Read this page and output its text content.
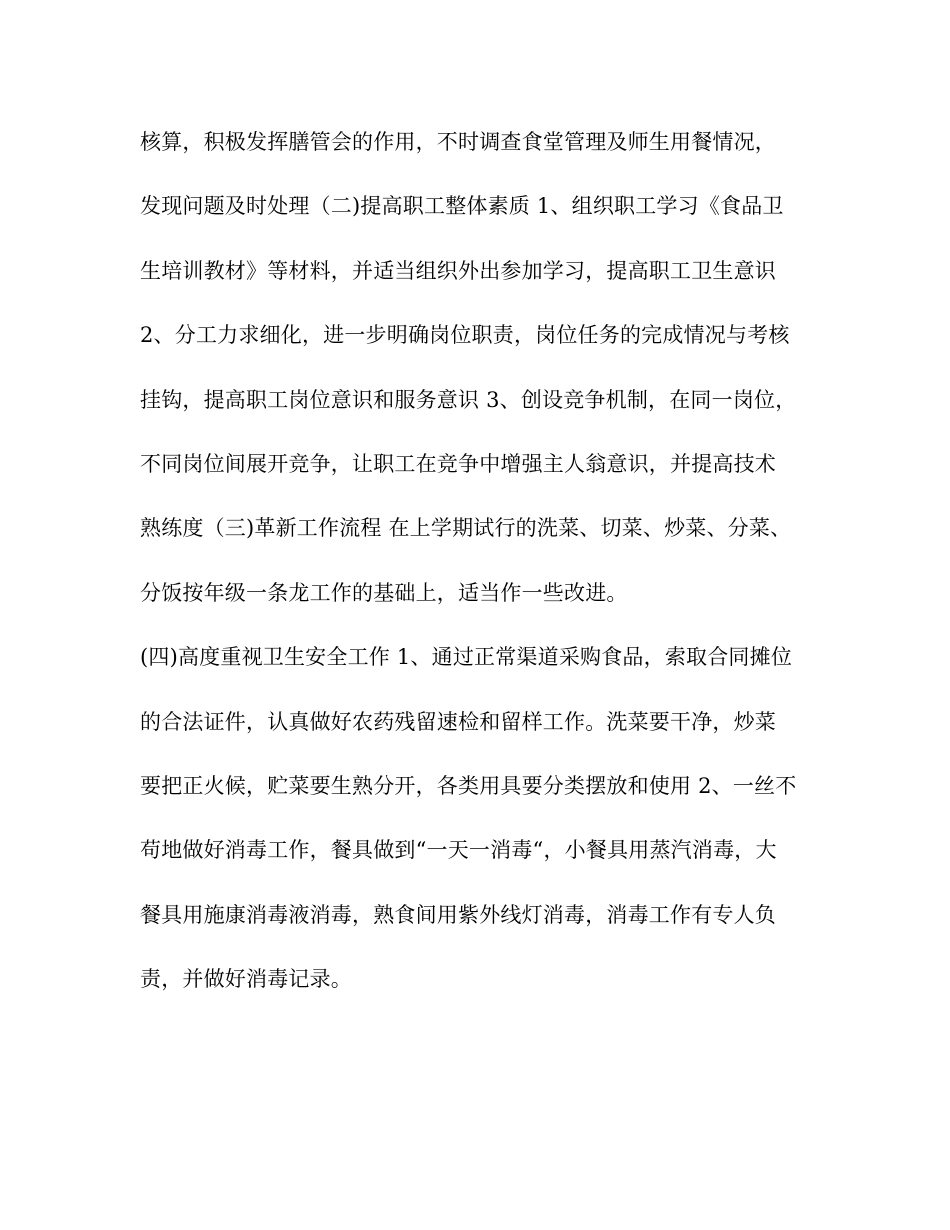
核算，积极发挥膳管会的作用，不时调查食堂管理及师生用餐情况，
发现问题及时处理（二)提高职工整体素质 1、组织职工学习《食品卫
生培训教材》等材料，并适当组织外出参加学习，提高职工卫生意识
2、分工力求细化，进一步明确岗位职责，岗位任务的完成情况与考核
挂钩，提高职工岗位意识和服务意识 3、创设竞争机制，在同一岗位，
不同岗位间展开竞争，让职工在竞争中增强主人翁意识，并提高技术
熟练度（三)革新工作流程 在上学期试行的洗菜、切菜、炒菜、分菜、
分饭按年级一条龙工作的基础上，适当作一些改进。
(四)高度重视卫生安全工作 1、通过正常渠道采购食品，索取合同摊位
的合法证件，认真做好农药残留速检和留样工作。洗菜要干净，炒菜
要把正火候，贮菜要生熟分开，各类用具要分类摆放和使用 2、一丝不
苟地做好消毒工作，餐具做到“一天一消毒“，小餐具用蒸汽消毒，大
餐具用施康消毒液消毒，熟食间用紫外线灯消毒，消毒工作有专人负
责，并做好消毒记录。
